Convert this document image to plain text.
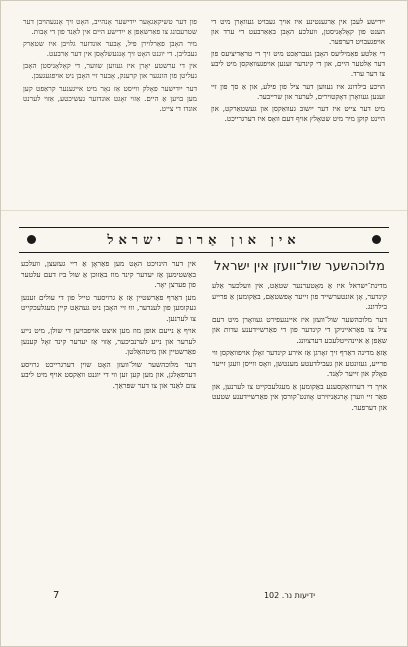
פון דער טשיקאַגאָער ייִדישער אָנהייב, האָט זיך אָנגעהויבן דער שטרעבונג צו פאַרשאַפן אַ ייִדישע היים אין לאַנד פון די אָבות.

מיר האָבן פאַרלוירן פיל, אָבער אונדזער גלויבן איז שטאַרק געבליבן. די יוגנט האָט זיך אָנגעשלאָסן אין דער אַרבעט.

אין די ערשטע יאָרן איז געווען שווער, די קאָלאָניסטן האָבן געליטן פון הונגער און קרענק, אָבער זיי האָבן ניט אויפגעגעבן.

דער ייִדישער פאָלק ווייסט אַז נאָר מיט אייגענער קראַפט קען מען בויען אַ היים. אַזוי זאָגט אונדזער געשיכטע, אַזוי לערנט אונדז די צייט.

ייִדישע לעבן אין אַרגענטינע איז אויך געבויט געוואָרן מיט די הענט פון קאָלאָניסטן, וועלכע האָבן באַאַרבעט די ערד און אויפגעבויט דערפער.

די אַלטע פאַמיליעס האָבן געבראַכט מיט זיך די טראַדיציעס פון דער אַלטער היים, און די קינדער זענען אויפגעוואַקסן מיט ליבע צו דער ערד.

הויכע בילדונג איז געווען דער ציל פון פילע, און אַ סך פון זיי זענען געוואָרן דאָקטוירים, לערער און שרייבער.

מיט דער צייט איז דער ייִשוב געוואַקסן און געשטאַרקט, און היינט קוקן מיר מיט שטאָלץ אויף דעם וואָס איז דערגרייכט.

אין און אַרום ישראל

אין דער הינזיכט האָט מען פאַראָן אַ ריי געזעצן, וועלכע באַשטימען אַז יעדער קינד מוז באַזוכן אַ שול ביז דעם עלטער פון פערצן יאָר.

מען דאַרף פאַרשטיין אַז אַ גרויסער טייל פון די עולים זענען געקומען פון לענדער, וווּ זיי האָבן ניט געהאַט קיין מעגלעכקייט צו לערנען.

אויף אַ נייעם אופן מוז מען איצט אויפבויען די שולן, מיט נייע לערער און נייע לערנביכער, אַזוי אַז יעדער קינד זאָל קענען פאַרשטיין און מיטהאַלטן.

דער מלוכהשער שול־וועזן האָט שוין דערגרייכט גרויסע דערפאָלגן, און מען קען זען ווי די יוגנט וואַקסט אויף מיט ליבע צום לאַנד און צו דער שפּראַך.

מלוכהשער שול־וועזן אין ישראל

מדינת־ישראל איז אַ מאָטערנער שטאַט, אין וועלכער אַלע קינדער, אָן אונטערשייד פון זייער אָפשטאַם, באַקומען אַ פרייע בילדונג.

דער מלוכהשער שול־וועזן איז איינגעפירט געוואָרן מיט דעם ציל צו פאַראייניקן די קינדער פון די פאַרשיידענע עדות און שאַפן אַ איינהייטלעכע דערציִונג.

אַזאַ מדינה דאַרף זיך זאָרגן אַז אירע קינדער זאָלן אויפוואַקסן ווי פרייע, געזונטע און געבילדעטע מענטשן, וואָס ווייסן וועגן זייער פאָלק און זייער לאַנד.

אויך די דערוואַקסענע באַקומען אַ מעגלעכקייט צו לערנען, און פאַר זיי ווערן אָרגאַניזירט אָוונט־קורסן אין פאַרשיידענע שטעט און דערפער.

7	ידיעות נר. 102
